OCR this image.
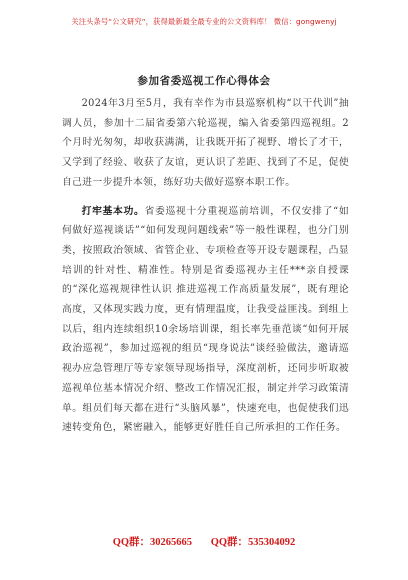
关注头条号“公文研究”，获得最新最全最专业的公文资料库！ 微信：gongwenyj
参加省委巡视工作心得体会

2024年3月至5月，我有幸作为市县巡察机构“以干代训”抽调人员，参加十二届省委第六轮巡视，编入省委第四巡视组。2个月时光匆匆，却收获满满，让我既开拓了视野、增长了才干，又学到了经验、收获了友谊，更认识了差距、找到了不足，促使自己进一步提升本领，练好功夫做好巡察本职工作。

打牢基本功。省委巡视十分重视巡前培训，不仅安排了“如何做好巡视谈话”“如何发现问题线索”等一般性课程，也分门别类，按照政治领域、省管企业、专项检查等开设专题课程，凸显培训的针对性、精准性。特别是省委巡视办主任***亲自授课的“深化巡视规律性认识 推进巡视工作高质量发展”，既有理论高度，又体现实践力度，更有情理温度，让我受益匪浅。到组上以后，组内连续组织10余场培训课，组长率先垂范谈“如何开展政治巡视”，参加过巡视的组员“现身说法”谈经验做法，邀请巡视办应急管理厅等专家领导现场指导，深度剖析，还同步听取被巡视单位基本情况介绍、整改工作情况汇报，制定并学习政策清单。组员们每天都在进行“头脑风暴”，快速充电，也促使我们迅速转变角色，紧密融入，能够更好胜任自己所承担的工作任务。

QQ群：30265665 QQ群：535304092
